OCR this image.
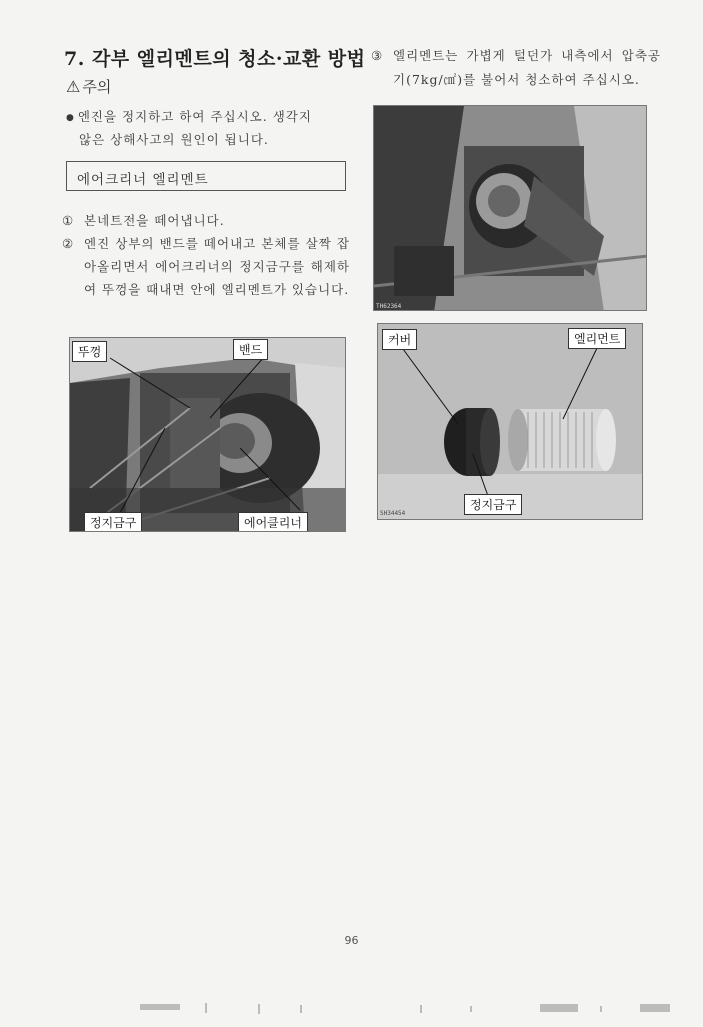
7. 각부 엘리멘트의 청소·교환 방법
⚠ 주의
● 엔진을 정지하고 하여 주십시오. 생각지
않은 상해사고의 원인이 됩니다.
에어크리너 엘리멘트
① 본네트전을 떼어냅니다.
② 엔진 상부의 밴드를 떼어내고 본체를 살짝 잡아올리면서 에어크리너의 정지금구를 해제하여 뚜껑을 때내면 안에 엘리멘트가 있습니다.
③ 엘리멘트는 가볍게 털던가 내측에서 압축공기(7kg/㎠)를 불어서 청소하여 주십시오.
뚜껑	밴드
정지금구	에어클리너
TH62364
커버	엘리먼트
정지금구
SH34454
96
